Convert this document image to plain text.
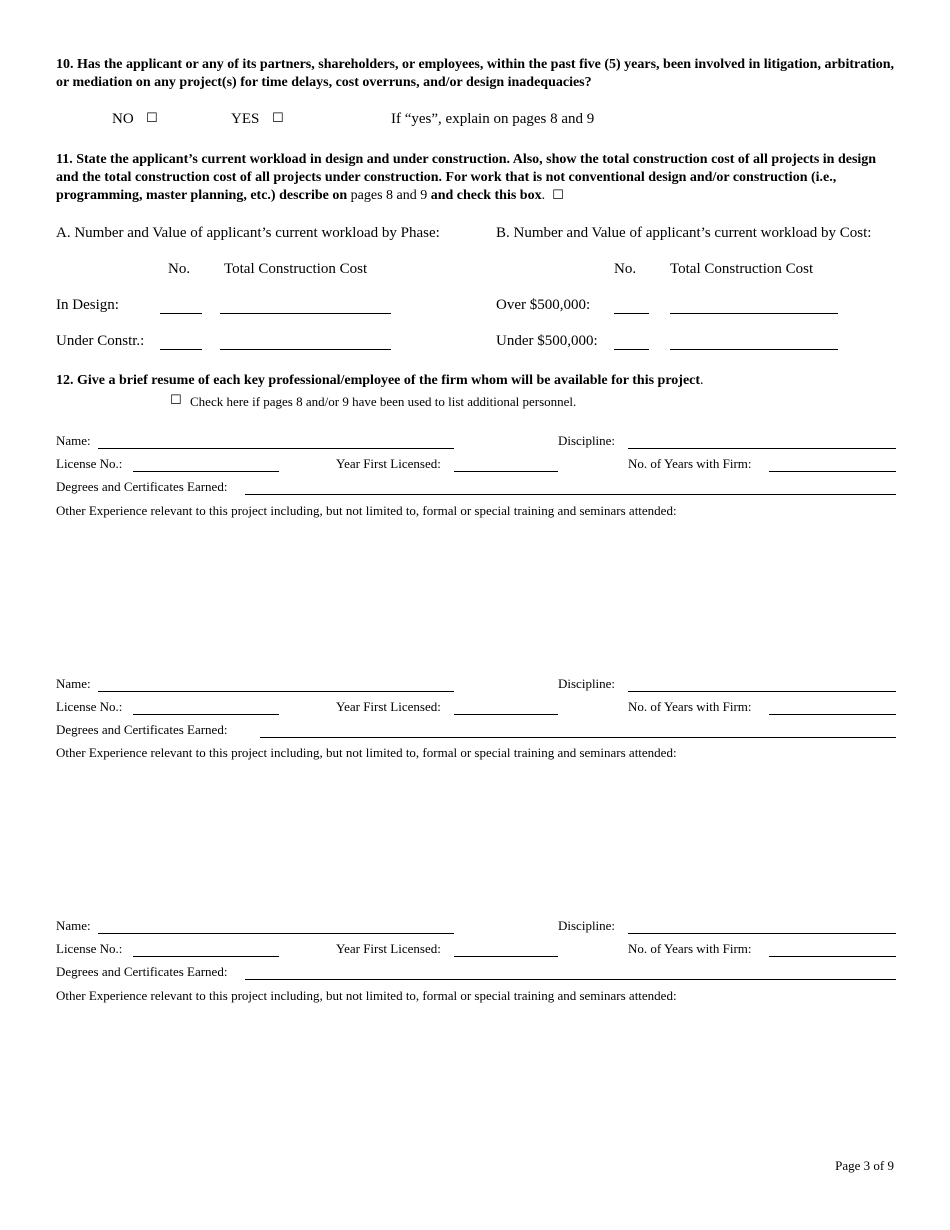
10. Has the applicant or any of its partners, shareholders, or employees, within the past five (5) years, been involved in litigation, arbitration, or mediation on any project(s) for time delays, cost overruns, and/or design inadequacies?
NO ☐	YES ☐	If “yes”, explain on pages 8 and 9
11. State the applicant’s current workload in design and under construction. Also, show the total construction cost of all projects in design and the total construction cost of all projects under construction. For work that is not conventional design and/or construction (i.e., programming, master planning, etc.) describe on pages 8 and 9 and check this box. ☐
A. Number and Value of applicant’s current workload by Phase:	B. Number and Value of applicant’s current workload by Cost:
No. Total Construction Cost	No. Total Construction Cost
In Design:	Over $500,000:
Under Constr.:	Under $500,000:
12. Give a brief resume of each key professional/employee of the firm whom will be available for this project.
☐ Check here if pages 8 and/or 9 have been used to list additional personnel.
Name:	Discipline:
License No.:	Year First Licensed:	No. of Years with Firm:
Degrees and Certificates Earned:
Other Experience relevant to this project including, but not limited to, formal or special training and seminars attended:
Name:	Discipline:
License No.:	Year First Licensed:	No. of Years with Firm:
Degrees and Certificates Earned:
Other Experience relevant to this project including, but not limited to, formal or special training and seminars attended:
Name:	Discipline:
License No.:	Year First Licensed:	No. of Years with Firm:
Degrees and Certificates Earned:
Other Experience relevant to this project including, but not limited to, formal or special training and seminars attended:
Page 3 of 9
